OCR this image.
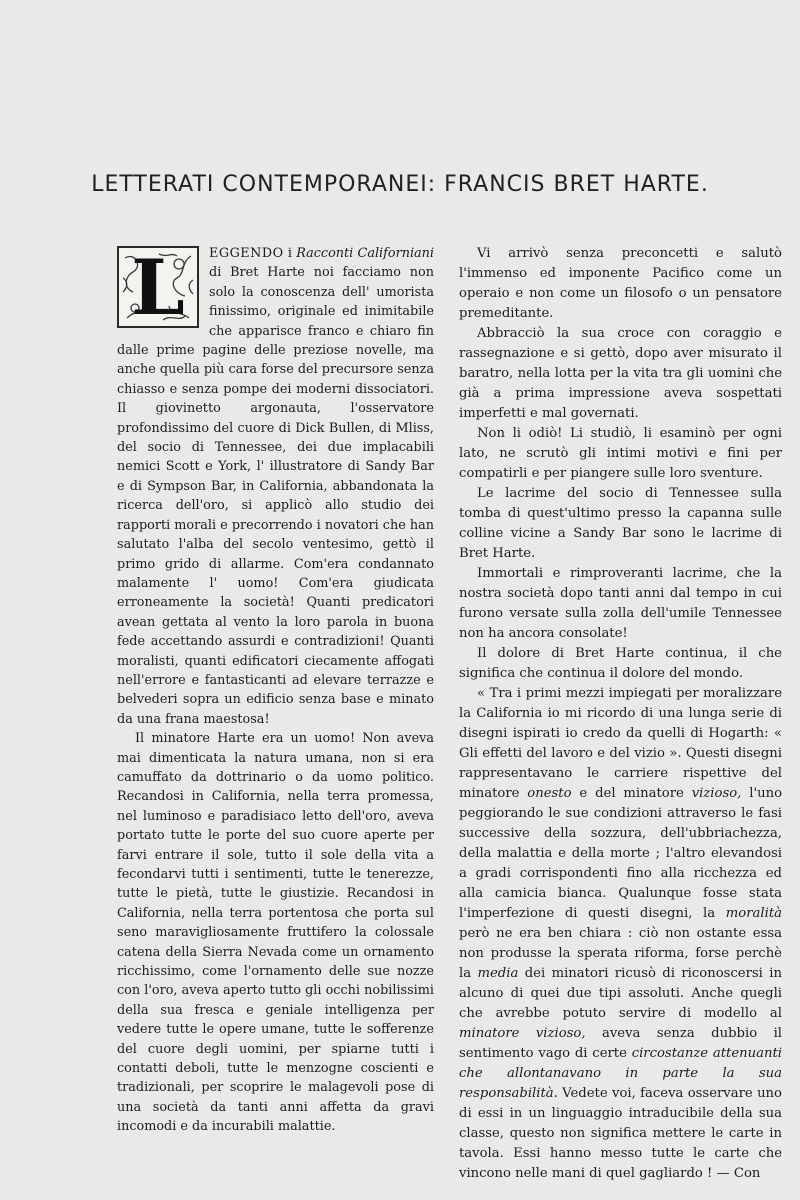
LETTERATI CONTEMPORANEI: FRANCIS BRET HARTE.

L	EGGENDO i Racconti Californiani di Bret Harte noi facciamo non solo la conoscenza dell' umorista finissimo, originale ed inimitabile che apparisce franco e chiaro fin dalle prime pagine delle preziose novelle, ma anche quella più cara forse del precursore senza chiasso e senza pompe dei moderni dissociatori. Il giovinetto argonauta, l'osservatore profondissimo del cuore di Dick Bullen, di Mliss, del socio di Tennessee, dei due implacabili nemici Scott e York, l' illustratore di Sandy Bar e di Sympson Bar, in California, abbandonata la ricerca dell'oro, si applicò allo studio dei rapporti morali e precorrendo i novatori che han salutato l'alba del secolo ventesimo, gettò il primo grido di allarme. Com'era condannato malamente l' uomo! Com'era giudicata erroneamente la società! Quanti predicatori avean gettata al vento la loro parola in buona fede accettando assurdi e contradizioni! Quanti moralisti, quanti edificatori ciecamente affogati nell'errore e fantasticanti ad elevare terrazze e belvederi sopra un edificio senza base e minato da una frana maestosa!

Il minatore Harte era un uomo! Non aveva mai dimenticata la natura umana, non si era camuffato da dottrinario o da uomo politico. Recandosi in California, nella terra promessa, nel luminoso e paradisiaco letto dell'oro, aveva portato tutte le porte del suo cuore aperte per farvi entrare il sole, tutto il sole della vita a fecondarvi tutti i sentimenti, tutte le tenerezze, tutte le pietà, tutte le giustizie. Recandosi in California, nella terra portentosa che porta sul seno maravigliosamente fruttifero la colossale catena della Sierra Nevada come un ornamento ricchissimo, come l'ornamento delle sue nozze con l'oro, aveva aperto tutto gli occhi nobilissimi della sua fresca e geniale intelligenza per vedere tutte le opere umane, tutte le sofferenze del cuore degli uomini, per spiarne tutti i contatti deboli, tutte le menzogne coscienti e tradizionali, per scoprire le malagevoli pose di una società da tanti anni affetta da gravi incomodi e da incurabili malattie.

Vi arrivò senza preconcetti e salutò l'immenso ed imponente Pacifico come un operaio e non come un filosofo o un pensatore premeditante.

Abbracciò la sua croce con coraggio e rassegnazione e si gettò, dopo aver misurato il baratro, nella lotta per la vita tra gli uomini che già a prima impressione aveva sospettati imperfetti e mal governati.

Non li odiò! Li studiò, li esaminò per ogni lato, ne scrutò gli intimi motivi e fini per compatirli e per piangere sulle loro sventure.

Le lacrime del socio di Tennessee sulla tomba di quest'ultimo presso la capanna sulle colline vicine a Sandy Bar sono le lacrime di Bret Harte.

Immortali e rimproveranti lacrime, che la nostra società dopo tanti anni dal tempo in cui furono versate sulla zolla dell'umile Tennessee non ha ancora consolate!

Il dolore di Bret Harte continua, il che significa che continua il dolore del mondo.

« Tra i primi mezzi impiegati per moralizzare la California io mi ricordo di una lunga serie di disegni ispirati io credo da quelli di Hogarth: « Gli effetti del lavoro e del vizio ». Questi disegni rappresentavano le carriere rispettive del minatore onesto e del minatore vizioso, l'uno peggiorando le sue condizioni attraverso le fasi successive della sozzura, dell'ubbriachezza, della malattia e della morte ; l'altro elevandosi a gradi corrispondenti fino alla ricchezza ed alla camicia bianca. Qualunque fosse stata l'imperfezione di questi disegni, la moralità però ne era ben chiara : ciò non ostante essa non produsse la sperata riforma, forse perchè la media dei minatori ricusò di riconoscersi in alcuno di quei due tipi assoluti. Anche quegli che avrebbe potuto servire di modello al minatore vizioso, aveva senza dubbio il sentimento vago di certe circostanze attenuanti che allontanavano in parte la sua responsabilità. Vedete voi, faceva osservare uno di essi in un linguaggio intraducibile della sua classe, questo non significa mettere le carte in tavola. Essi hanno messo tutte le carte che vincono nelle mani di quel gagliardo ! — Con
